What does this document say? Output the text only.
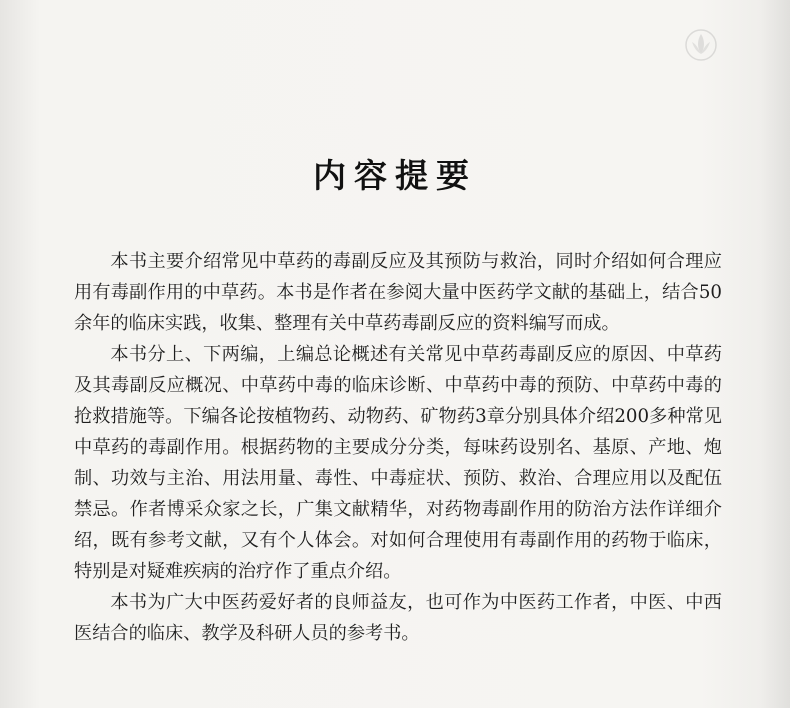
内容提要

本书主要介绍常见中草药的毒副反应及其预防与救治，同时介绍如何合理应用有毒副作用的中草药。本书是作者在参阅大量中医药学文献的基础上，结合50余年的临床实践，收集、整理有关中草药毒副反应的资料编写而成。

本书分上、下两编，上编总论概述有关常见中草药毒副反应的原因、中草药及其毒副反应概况、中草药中毒的临床诊断、中草药中毒的预防、中草药中毒的抢救措施等。下编各论按植物药、动物药、矿物药3章分别具体介绍200多种常见中草药的毒副作用。根据药物的主要成分分类，每味药设别名、基原、产地、炮制、功效与主治、用法用量、毒性、中毒症状、预防、救治、合理应用以及配伍禁忌。作者博采众家之长，广集文献精华，对药物毒副作用的防治方法作详细介绍，既有参考文献，又有个人体会。对如何合理使用有毒副作用的药物于临床，特别是对疑难疾病的治疗作了重点介绍。

本书为广大中医药爱好者的良师益友，也可作为中医药工作者，中医、中西医结合的临床、教学及科研人员的参考书。
